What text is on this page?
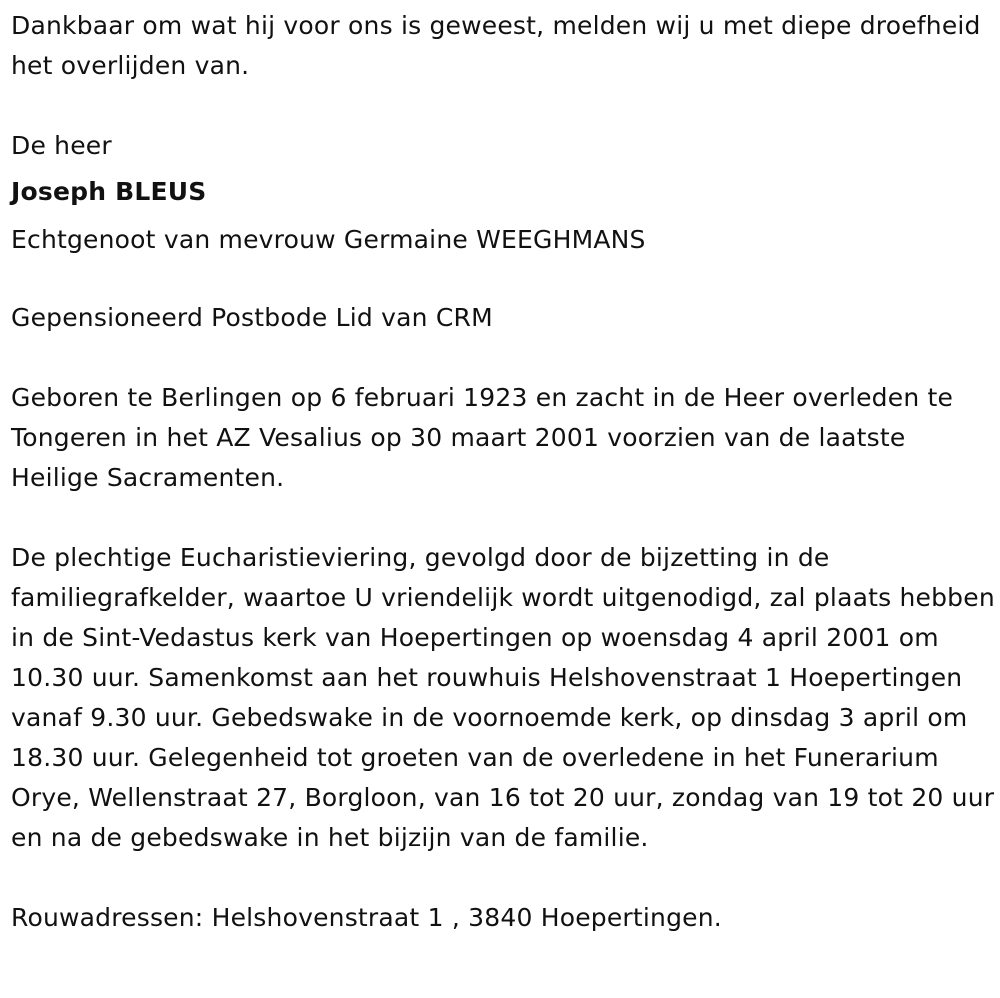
Dankbaar om wat hij voor ons is geweest, melden wij u met diepe droefheid het overlijden van.

De heer

Joseph BLEUS

Echtgenoot van mevrouw Germaine WEEGHMANS

Gepensioneerd Postbode Lid van CRM

Geboren te Berlingen op 6 februari 1923 en zacht in de Heer overleden te Tongeren in het AZ Vesalius op 30 maart 2001 voorzien van de laatste Heilige Sacramenten.

De plechtige Eucharistieviering, gevolgd door de bijzetting in de familiegrafkelder, waartoe U vriendelijk wordt uitgenodigd, zal plaats hebben in de Sint-Vedastus kerk van Hoepertingen op woensdag 4 april 2001 om 10.30 uur. Samenkomst aan het rouwhuis Helshovenstraat 1 Hoepertingen vanaf 9.30 uur. Gebedswake in de voornoemde kerk, op dinsdag 3 april om 18.30 uur. Gelegenheid tot groeten van de overledene in het Funerarium Orye, Wellenstraat 27, Borgloon, van 16 tot 20 uur, zondag van 19 tot 20 uur en na de gebedswake in het bijzijn van de familie.

Rouwadressen: Helshovenstraat 1 , 3840 Hoepertingen.
